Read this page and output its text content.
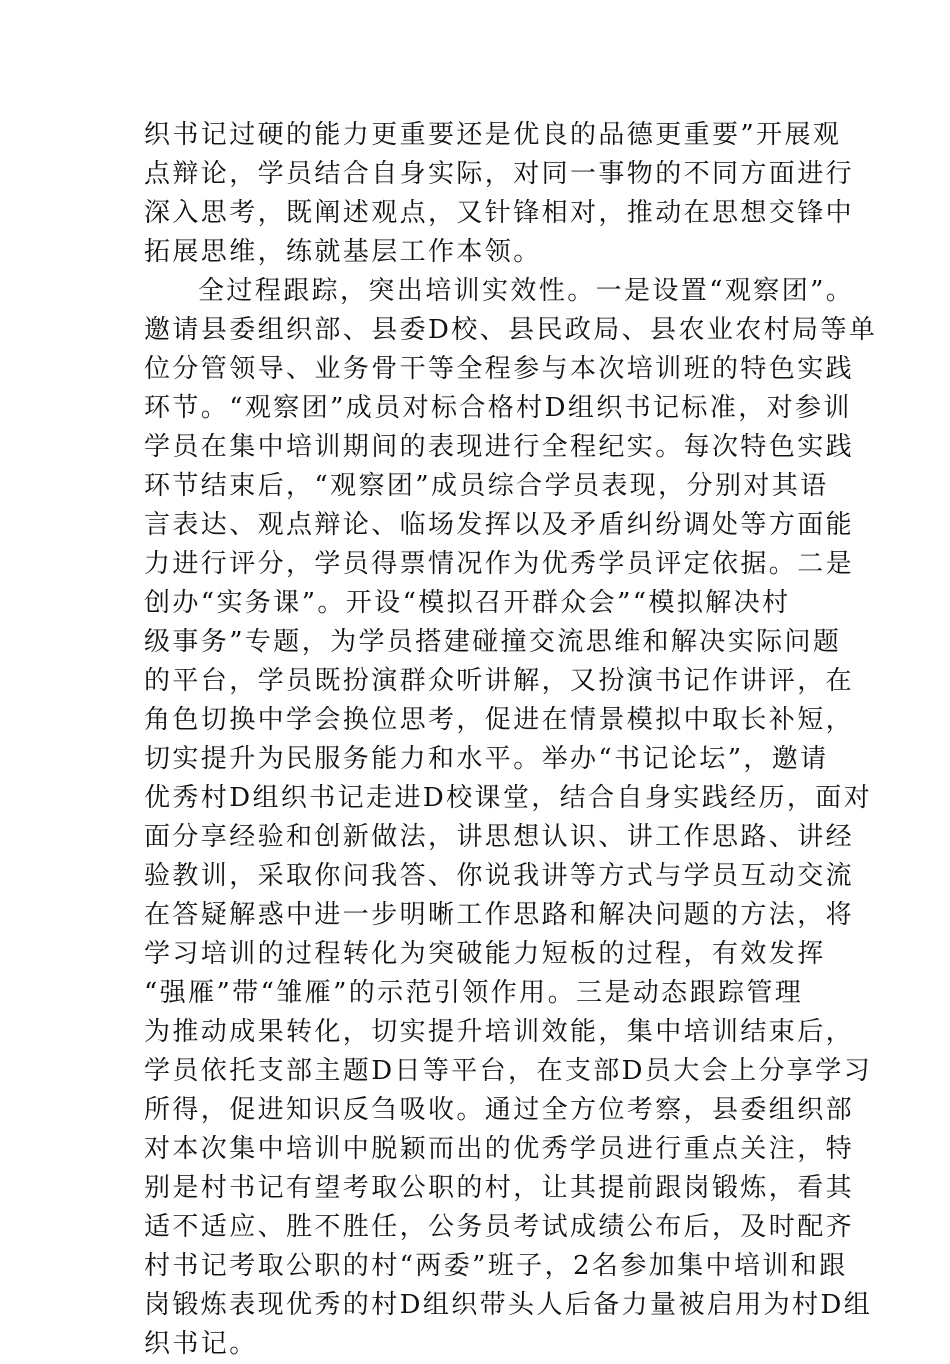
织书记过硬的能力更重要还是优良的品德更重要”开展观
点辩论，学员结合自身实际，对同一事物的不同方面进行
深入思考，既阐述观点，又针锋相对，推动在思想交锋中
拓展思维，练就基层工作本领。
全过程跟踪，突出培训实效性。一是设置“观察团”。
邀请县委组织部、县委D校、县民政局、县农业农村局等单
位分管领导、业务骨干等全程参与本次培训班的特色实践
环节。“观察团”成员对标合格村D组织书记标准，对参训
学员在集中培训期间的表现进行全程纪实。每次特色实践
环节结束后，“观察团”成员综合学员表现，分别对其语
言表达、观点辩论、临场发挥以及矛盾纠纷调处等方面能
力进行评分，学员得票情况作为优秀学员评定依据。二是
创办“实务课”。开设“模拟召开群众会”“模拟解决村
级事务”专题，为学员搭建碰撞交流思维和解决实际问题
的平台，学员既扮演群众听讲解，又扮演书记作讲评，在
角色切换中学会换位思考，促进在情景模拟中取长补短，
切实提升为民服务能力和水平。举办“书记论坛”，邀请
优秀村D组织书记走进D校课堂，结合自身实践经历，面对
面分享经验和创新做法，讲思想认识、讲工作思路、讲经
验教训，采取你问我答、你说我讲等方式与学员互动交流
在答疑解惑中进一步明晰工作思路和解决问题的方法，将
学习培训的过程转化为突破能力短板的过程，有效发挥
“强雁”带“雏雁”的示范引领作用。三是动态跟踪管理
为推动成果转化，切实提升培训效能，集中培训结束后，
学员依托支部主题D日等平台，在支部D员大会上分享学习
所得，促进知识反刍吸收。通过全方位考察，县委组织部
对本次集中培训中脱颖而出的优秀学员进行重点关注，特
别是村书记有望考取公职的村，让其提前跟岗锻炼，看其
适不适应、胜不胜任，公务员考试成绩公布后，及时配齐
村书记考取公职的村“两委”班子，2名参加集中培训和跟
岗锻炼表现优秀的村D组织带头人后备力量被启用为村D组
织书记。
